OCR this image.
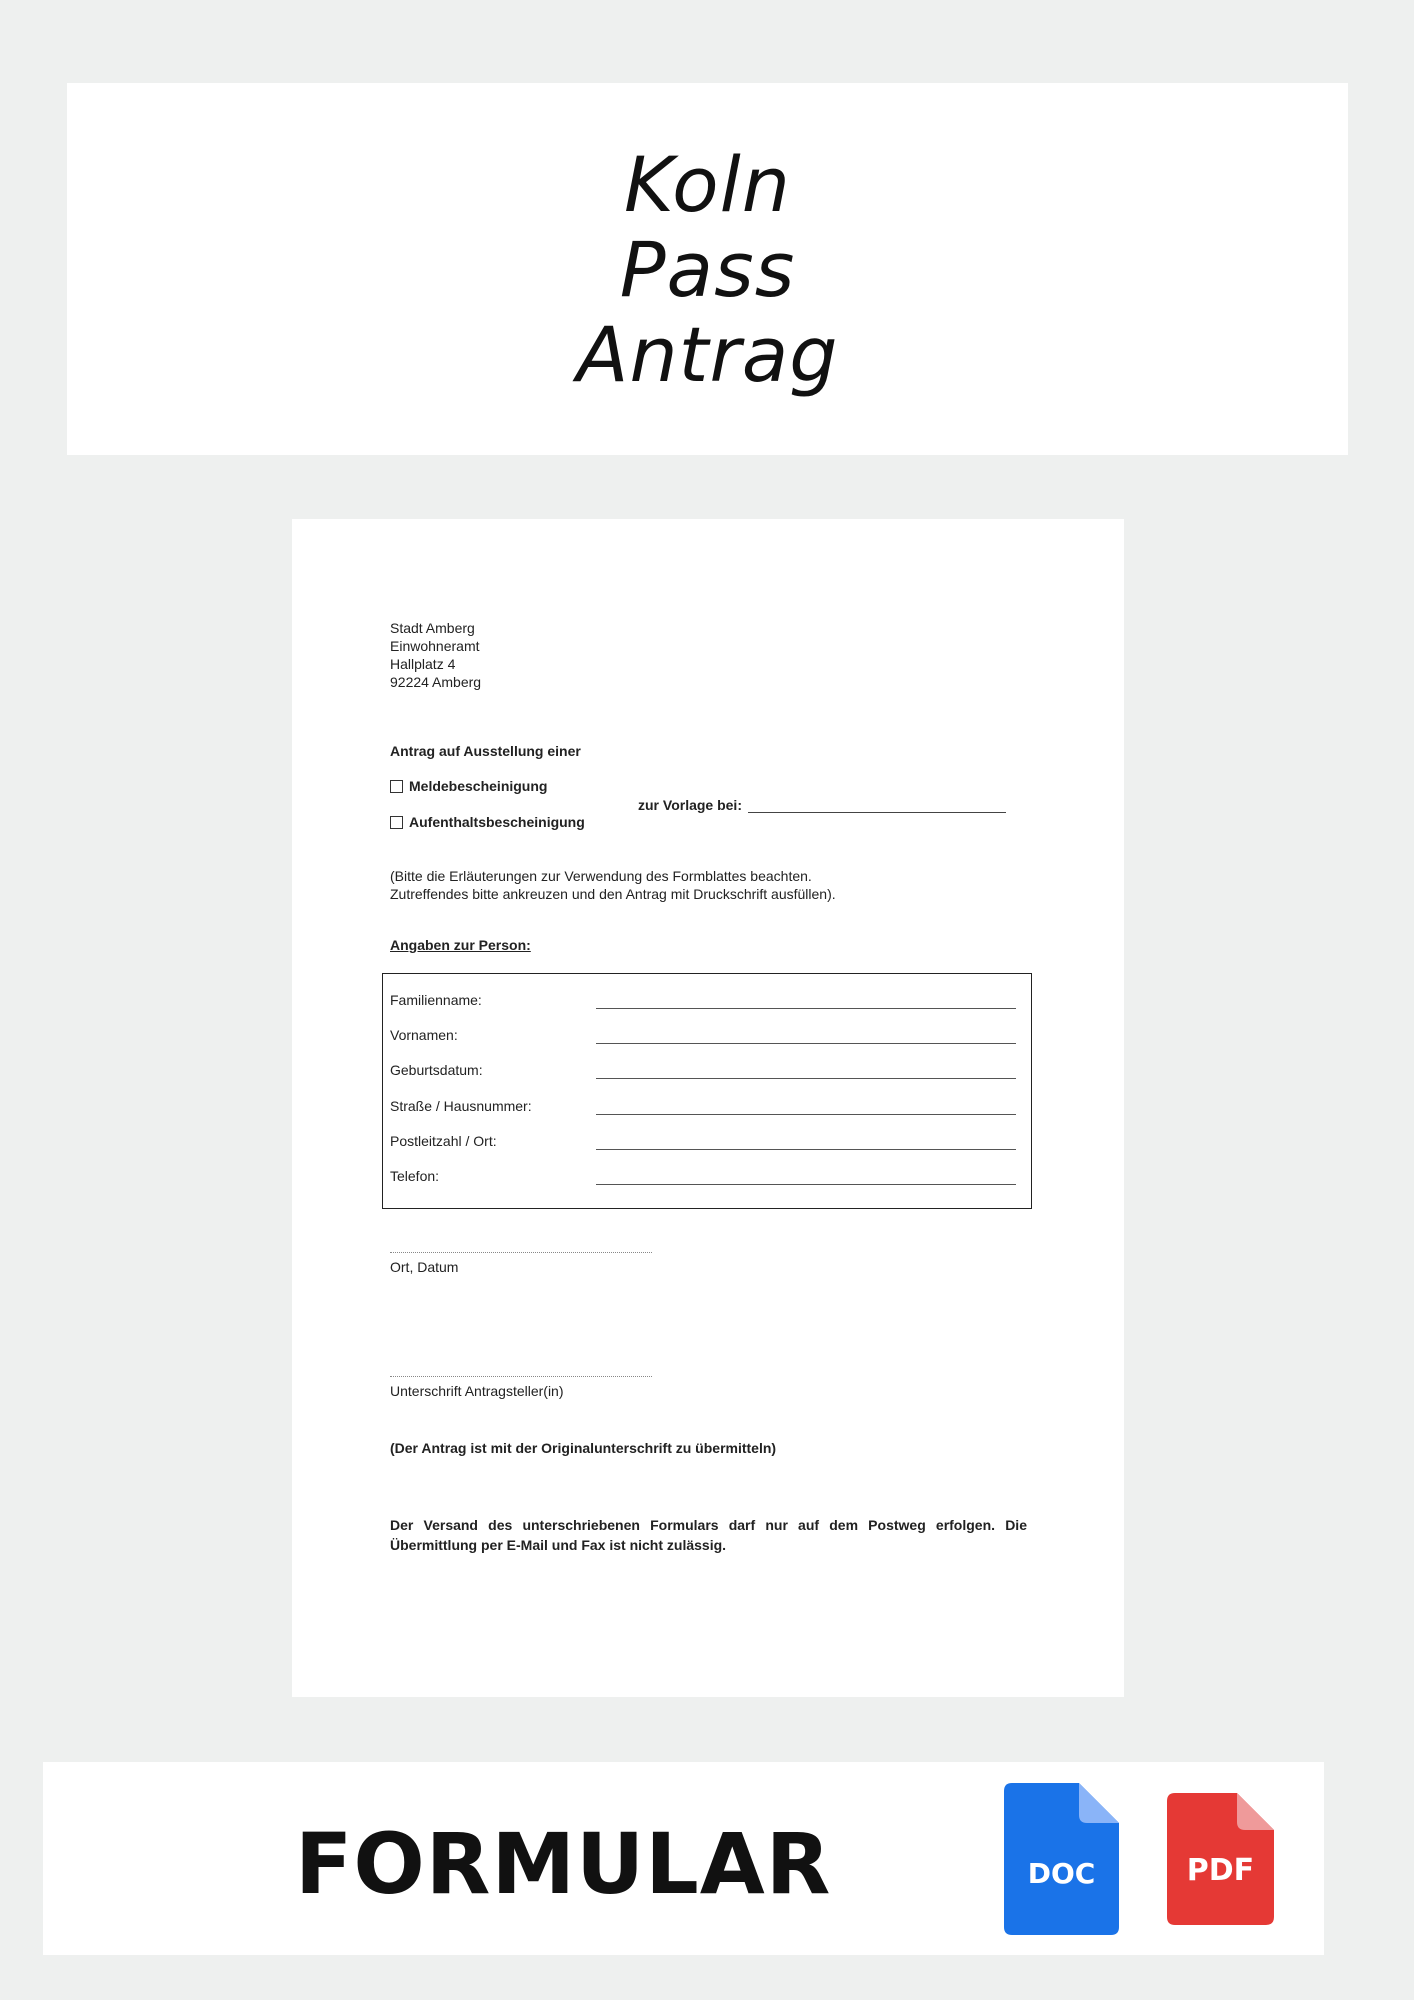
Koln
Pass
Antrag
Stadt Amberg
Einwohneramt
Hallplatz 4
92224 Amberg
Antrag auf Ausstellung einer
Meldebescheinigung
Aufenthaltsbescheinigung
zur Vorlage bei:
(Bitte die Erläuterungen zur Verwendung des Formblattes beachten.
Zutreffendes bitte ankreuzen und den Antrag mit Druckschrift ausfüllen).
Angaben zur Person:
Familienname:
Vornamen:
Geburtsdatum:
Straße / Hausnummer:
Postleitzahl / Ort:
Telefon:
Ort, Datum
Unterschrift Antragsteller(in)
(Der Antrag ist mit der Originalunterschrift zu übermitteln)
Der Versand des unterschriebenen Formulars darf nur auf dem Postweg erfolgen. Die Übermittlung per E-Mail und Fax ist nicht zulässig.
FORMULAR	DOC	PDF
